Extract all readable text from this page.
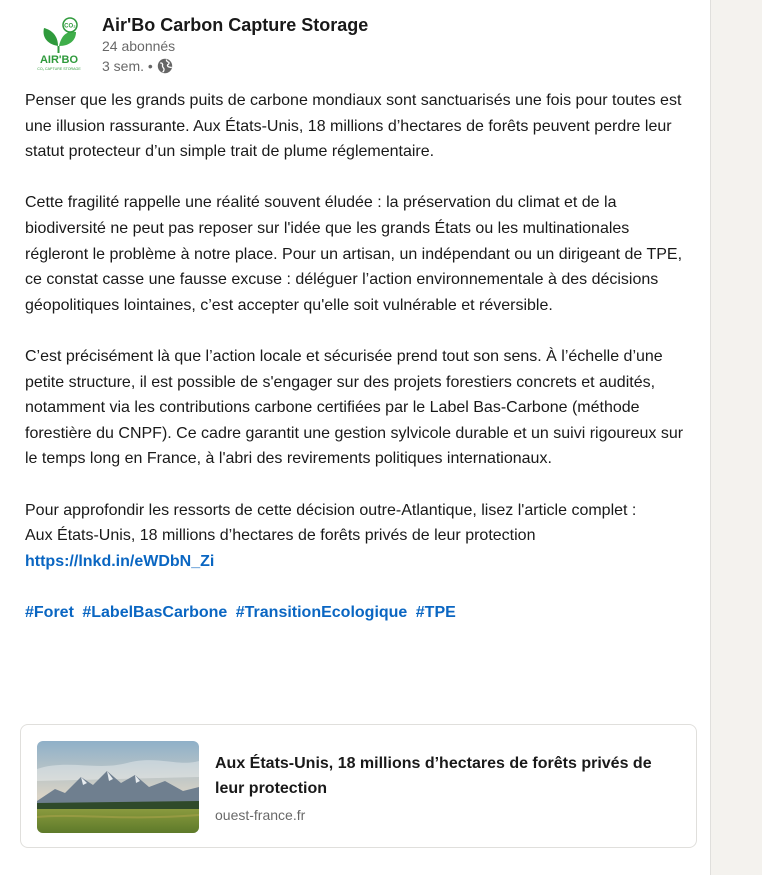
CO₂
AIR'BO
CO₂ CAPTURE STORAGE
Air'Bo Carbon Capture Storage
24 abonnés
3 sem. •

Penser que les grands puits de carbone mondiaux sont sanctuarisés une fois pour toutes est une illusion rassurante. Aux États-Unis, 18 millions d’hectares de forêts peuvent perdre leur statut protecteur d’un simple trait de plume réglementaire.

Cette fragilité rappelle une réalité souvent éludée : la préservation du climat et de la biodiversité ne peut pas reposer sur l'idée que les grands États ou les multinationales régleront le problème à notre place. Pour un artisan, un indépendant ou un dirigeant de TPE, ce constat casse une fausse excuse : déléguer l’action environnementale à des décisions géopolitiques lointaines, c’est accepter qu'elle soit vulnérable et réversible.

C’est précisément là que l’action locale et sécurisée prend tout son sens. À l’échelle d’une petite structure, il est possible de s'engager sur des projets forestiers concrets et audités, notamment via les contributions carbone certifiées par le Label Bas-Carbone (méthode forestière du CNPF). Ce cadre garantit une gestion sylvicole durable et un suivi rigoureux sur le temps long en France, à l'abri des revirements politiques internationaux.

Pour approfondir les ressorts de cette décision outre-Atlantique, lisez l'article complet :
Aux États-Unis, 18 millions d’hectares de forêts privés de leur protection https://lnkd.in/eWDbN_Zi

#Foret #LabelBasCarbone #TransitionEcologique #TPE

Aux États-Unis, 18 millions d’hectares de forêts privés de leur protection
ouest-france.fr
